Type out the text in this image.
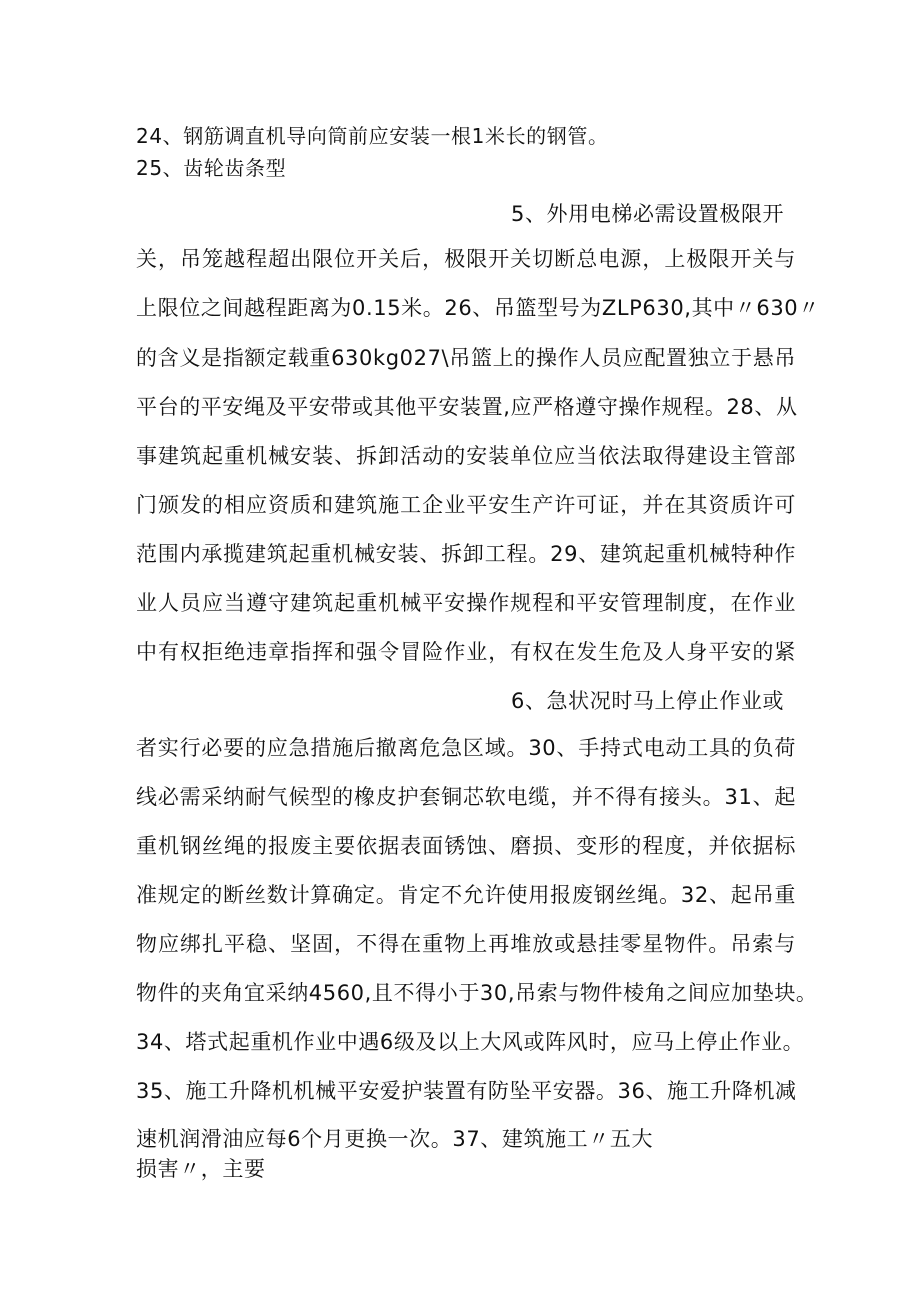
24、钢筋调直机导向筒前应安装一根1米长的钢管。
25、齿轮齿条型
5、外用电梯必需设置极限开
关，吊笼越程超出限位开关后，极限开关切断总电源，上极限开关与
上限位之间越程距离为0.15米。26、吊篮型号为ZLP630,其中〃630〃
的含义是指额定载重630kg027\吊篮上的操作人员应配置独立于悬吊
平台的平安绳及平安带或其他平安装置,应严格遵守操作规程。28、从
事建筑起重机械安装、拆卸活动的安装单位应当依法取得建设主管部
门颁发的相应资质和建筑施工企业平安生产许可证，并在其资质许可
范围内承揽建筑起重机械安装、拆卸工程。29、建筑起重机械特种作
业人员应当遵守建筑起重机械平安操作规程和平安管理制度，在作业
中有权拒绝违章指挥和强令冒险作业，有权在发生危及人身平安的紧
6、急状况时马上停止作业或
者实行必要的应急措施后撤离危急区域。30、手持式电动工具的负荷
线必需采纳耐气候型的橡皮护套铜芯软电缆，并不得有接头。31、起
重机钢丝绳的报废主要依据表面锈蚀、磨损、变形的程度，并依据标
准规定的断丝数计算确定。肯定不允许使用报废钢丝绳。32、起吊重
物应绑扎平稳、坚固，不得在重物上再堆放或悬挂零星物件。吊索与
物件的夹角宜采纳4560,且不得小于30,吊索与物件棱角之间应加垫块。
34、塔式起重机作业中遇6级及以上大风或阵风时，应马上停止作业。
35、施工升降机机械平安爱护装置有防坠平安器。36、施工升降机减
速机润滑油应每6个月更换一次。37、建筑施工〃五大
损害〃，主要
